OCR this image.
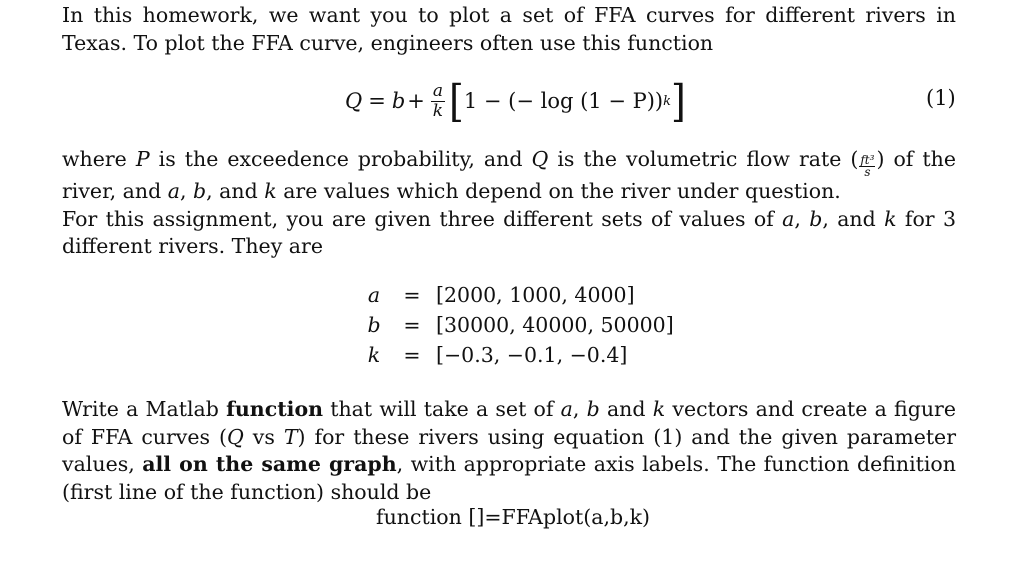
In this homework, we want you to plot a set of FFA curves for different rivers in Texas. To plot the FFA curve, engineers often use this function
$Q = b + \frac{a}{k}$ [ 1 − (− log (1 − P)) k ]	(1)
where P is the exceedence probability, and Q is the volumetric flow rate ( $\frac{\text{ft³}}{s}$ ) of the river, and a, b, and k are values which depend on the river under question.
For this assignment, you are given three different sets of values of a, b, and k for 3 different rivers. They are
a	= [2000, 1000, 4000]
b	= [30000, 40000, 50000]
k	= [−0.3, −0.1, −0.4]
Write a Matlab function that will take a set of a, b and k vectors and create a figure of FFA curves (Q vs T) for these rivers using equation (1) and the given parameter values, all on the same graph, with appropriate axis labels. The function definition (first line of the function) should be
function []=FFAplot(a,b,k)
